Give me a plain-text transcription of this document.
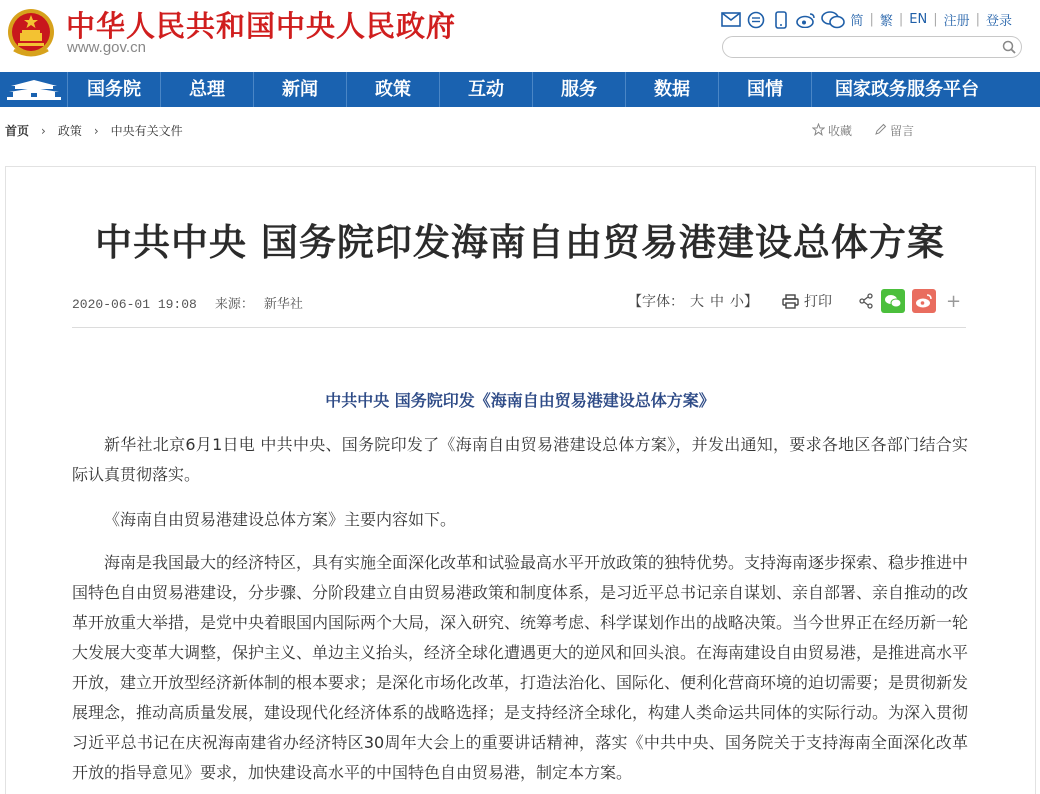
中华人民共和国中央人民政府
www.gov.cn
简 | 繁 | EN | 注册 | 登录
国务院	总理	新闻	政策	互动	服务	数据	国情	国家政务服务平台
首页 › 政策 › 中央有关文件	收藏	留言
中共中央 国务院印发海南自由贸易港建设总体方案
2020-06-01 19:08 来源： 新华社	【字体： 大 中 小】	打印	+
中共中央 国务院印发《海南自由贸易港建设总体方案》

新华社北京6月1日电 中共中央、国务院印发了《海南自由贸易港建设总体方案》，并发出通知，要求各地区各部门结合实际认真贯彻落实。

《海南自由贸易港建设总体方案》主要内容如下。

海南是我国最大的经济特区，具有实施全面深化改革和试验最高水平开放政策的独特优势。支持海南逐步探索、稳步推进中国特色自由贸易港建设，分步骤、分阶段建立自由贸易港政策和制度体系，是习近平总书记亲自谋划、亲自部署、亲自推动的改革开放重大举措，是党中央着眼国内国际两个大局，深入研究、统筹考虑、科学谋划作出的战略决策。当今世界正在经历新一轮大发展大变革大调整，保护主义、单边主义抬头，经济全球化遭遇更大的逆风和回头浪。在海南建设自由贸易港，是推进高水平开放，建立开放型经济新体制的根本要求；是深化市场化改革，打造法治化、国际化、便利化营商环境的迫切需要；是贯彻新发展理念，推动高质量发展，建设现代化经济体系的战略选择；是支持经济全球化，构建人类命运共同体的实际行动。为深入贯彻习近平总书记在庆祝海南建省办经济特区30周年大会上的重要讲话精神，落实《中共中央、国务院关于支持海南全面深化改革开放的指导意见》要求，加快建设高水平的中国特色自由贸易港，制定本方案。
